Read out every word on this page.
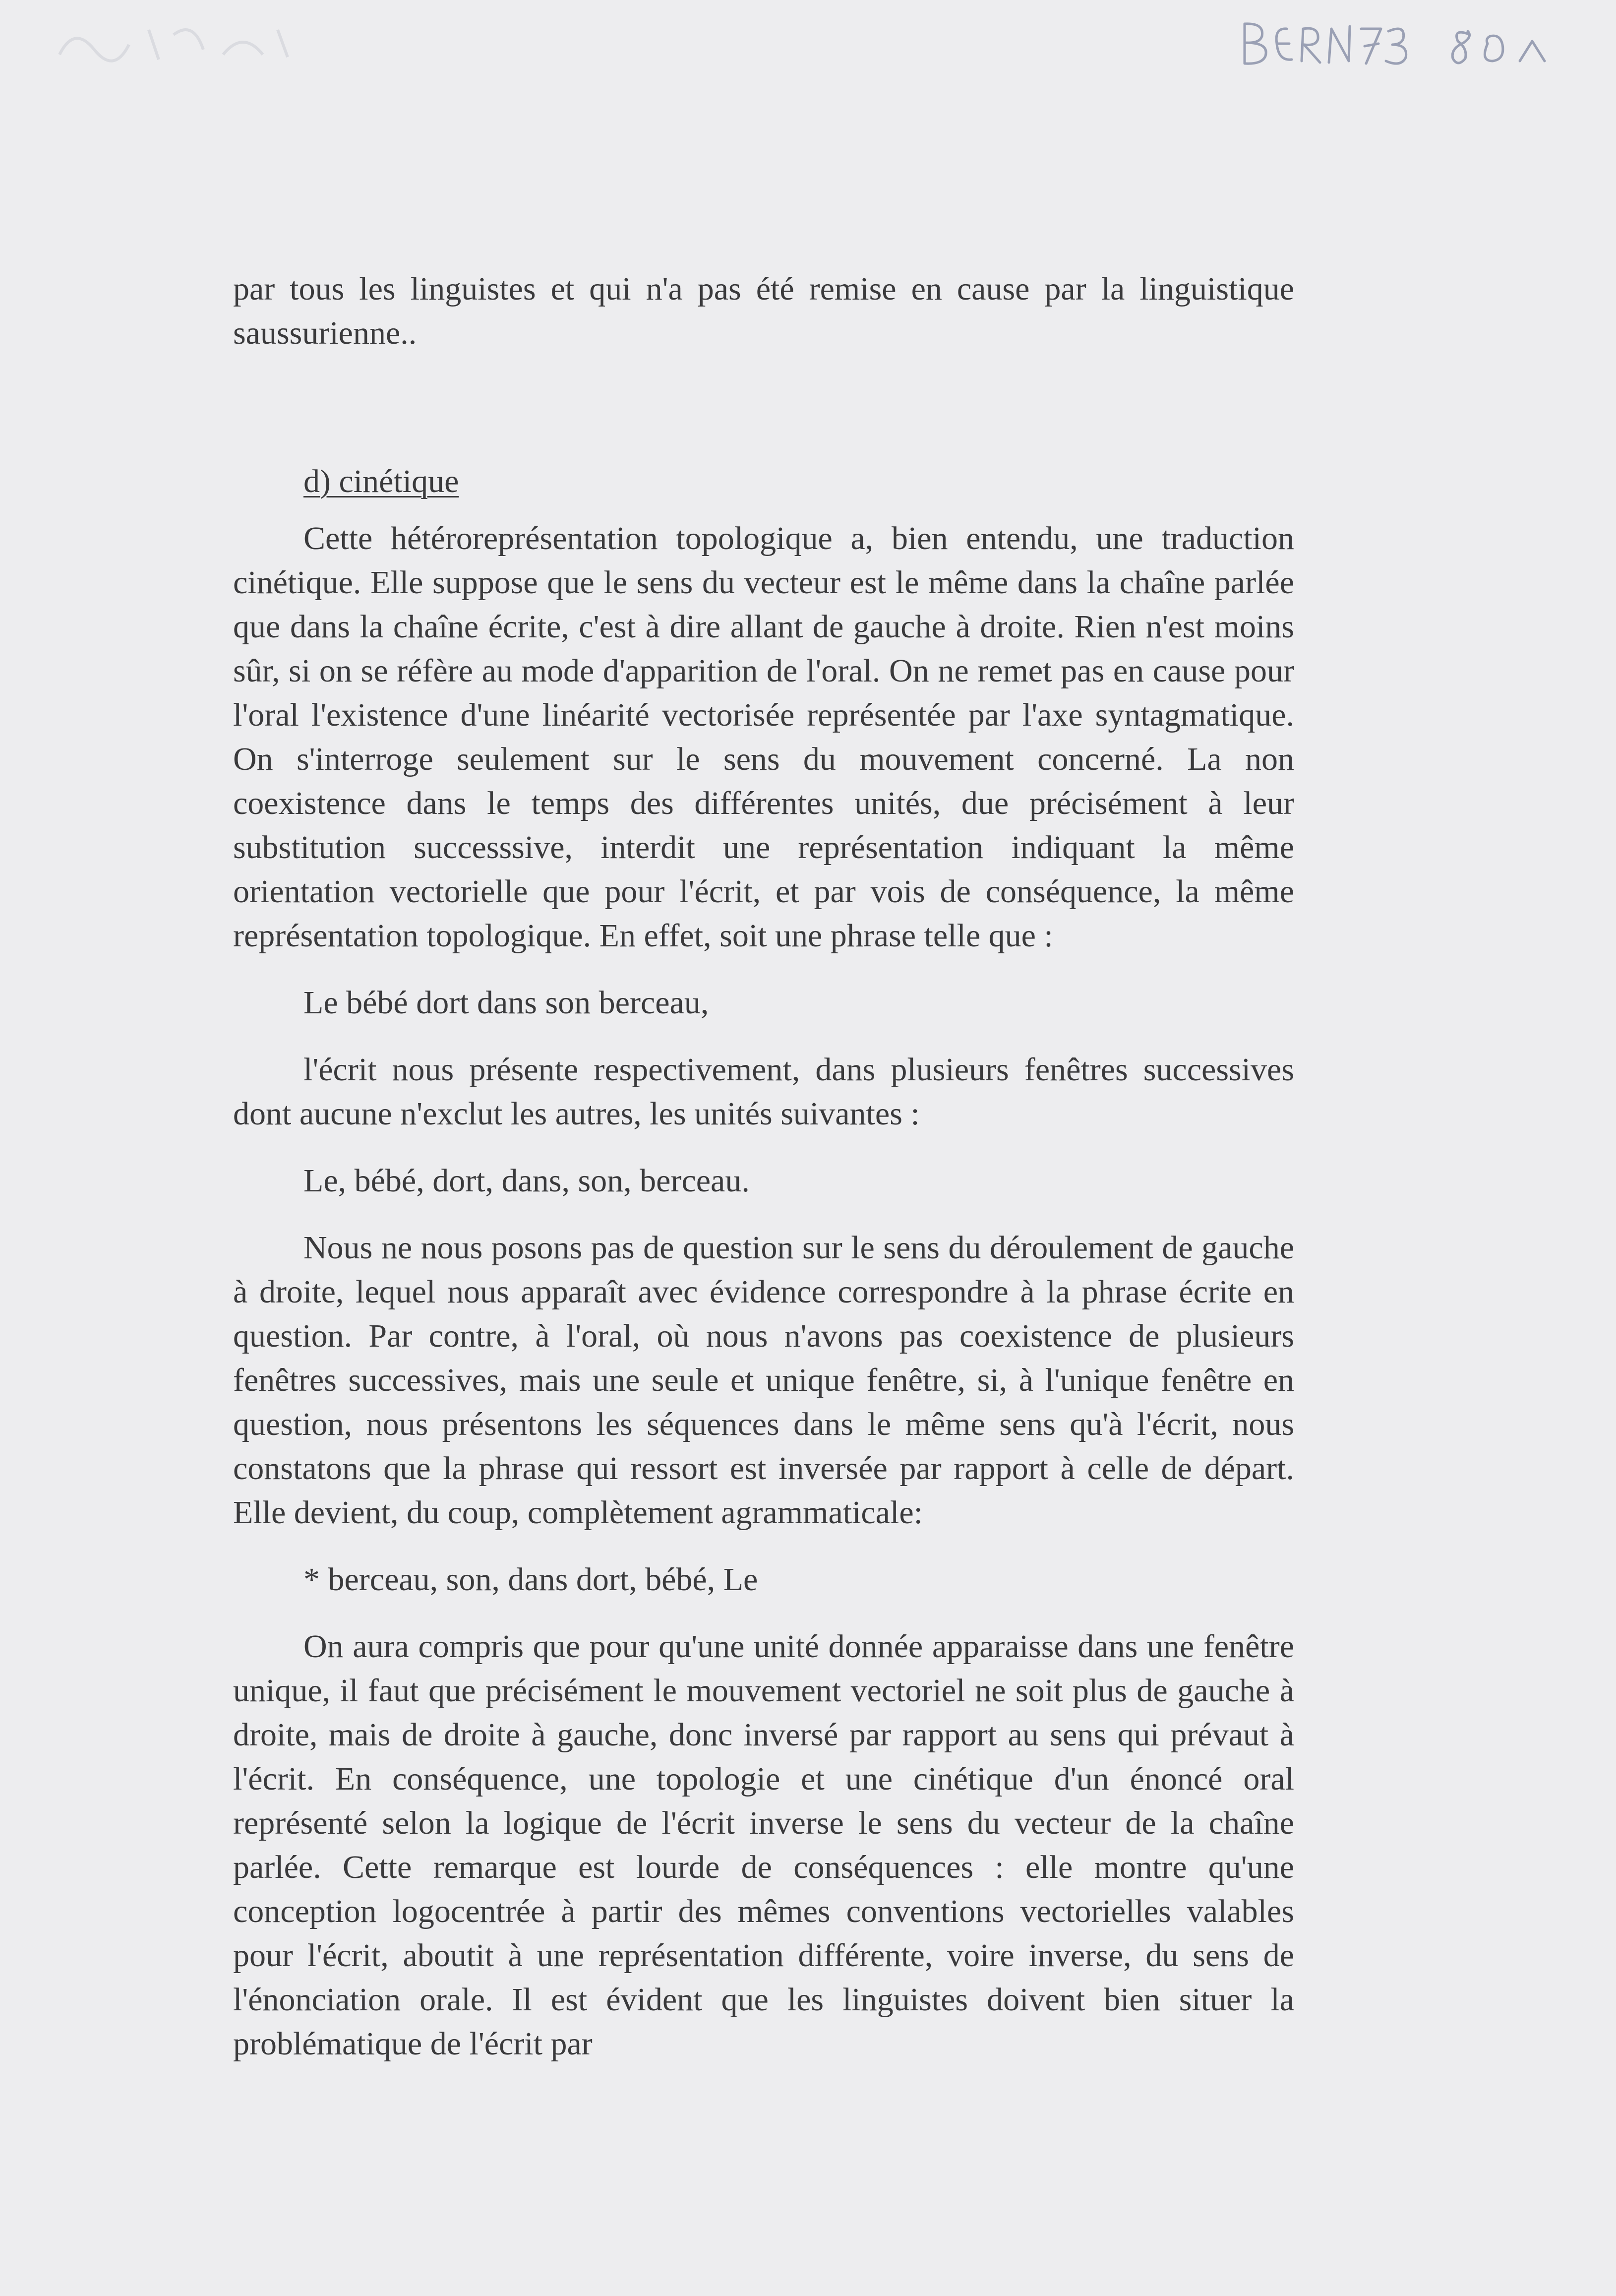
par tous les linguistes et qui n'a pas été remise en cause par la linguistique saussurienne..

d) cinétique

Cette hétéroreprésentation topologique a, bien entendu, une traduction cinétique. Elle suppose que le sens du vecteur est le même dans la chaîne parlée que dans la chaîne écrite, c'est à dire allant de gauche à droite. Rien n'est moins sûr, si on se réfère au mode d'apparition de l'oral. On ne remet pas en cause pour l'oral l'existence d'une linéarité vectorisée représentée par l'axe syntagmatique. On s'interroge seulement sur le sens du mouvement concerné. La non coexistence dans le temps des différentes unités, due précisément à leur substitution successsive, interdit une représentation indiquant la même orientation vectorielle que pour l'écrit, et par vois de conséquence, la même représentation topologique. En effet, soit une phrase telle que :

Le bébé dort dans son berceau,

l'écrit nous présente respectivement, dans plusieurs fenêtres successives dont aucune n'exclut les autres, les unités suivantes :

Le, bébé, dort, dans, son, berceau.

Nous ne nous posons pas de question sur le sens du déroulement de gauche à droite, lequel nous apparaît avec évidence correspondre à la phrase écrite en question. Par contre, à l'oral, où nous n'avons pas coexistence de plusieurs fenêtres successives, mais une seule et unique fenêtre, si, à l'unique fenêtre en question, nous présentons les séquences dans le même sens qu'à l'écrit, nous constatons que la phrase qui ressort est inversée par rapport à celle de départ. Elle devient, du coup, complètement agrammaticale:

* berceau, son, dans dort, bébé, Le

On aura compris que pour qu'une unité donnée apparaisse dans une fenêtre unique, il faut que précisément le mouvement vectoriel ne soit plus de gauche à droite, mais de droite à gauche, donc inversé par rapport au sens qui prévaut à l'écrit. En conséquence, une topologie et une cinétique d'un énoncé oral représenté selon la logique de l'écrit inverse le sens du vecteur de la chaîne parlée. Cette remarque est lourde de conséquences : elle montre qu'une conception logocentrée à partir des mêmes conventions vectorielles valables pour l'écrit, aboutit à une représentation différente, voire inverse, du sens de l'énonciation orale. Il est évident que les linguistes doivent bien situer la problématique de l'écrit par
